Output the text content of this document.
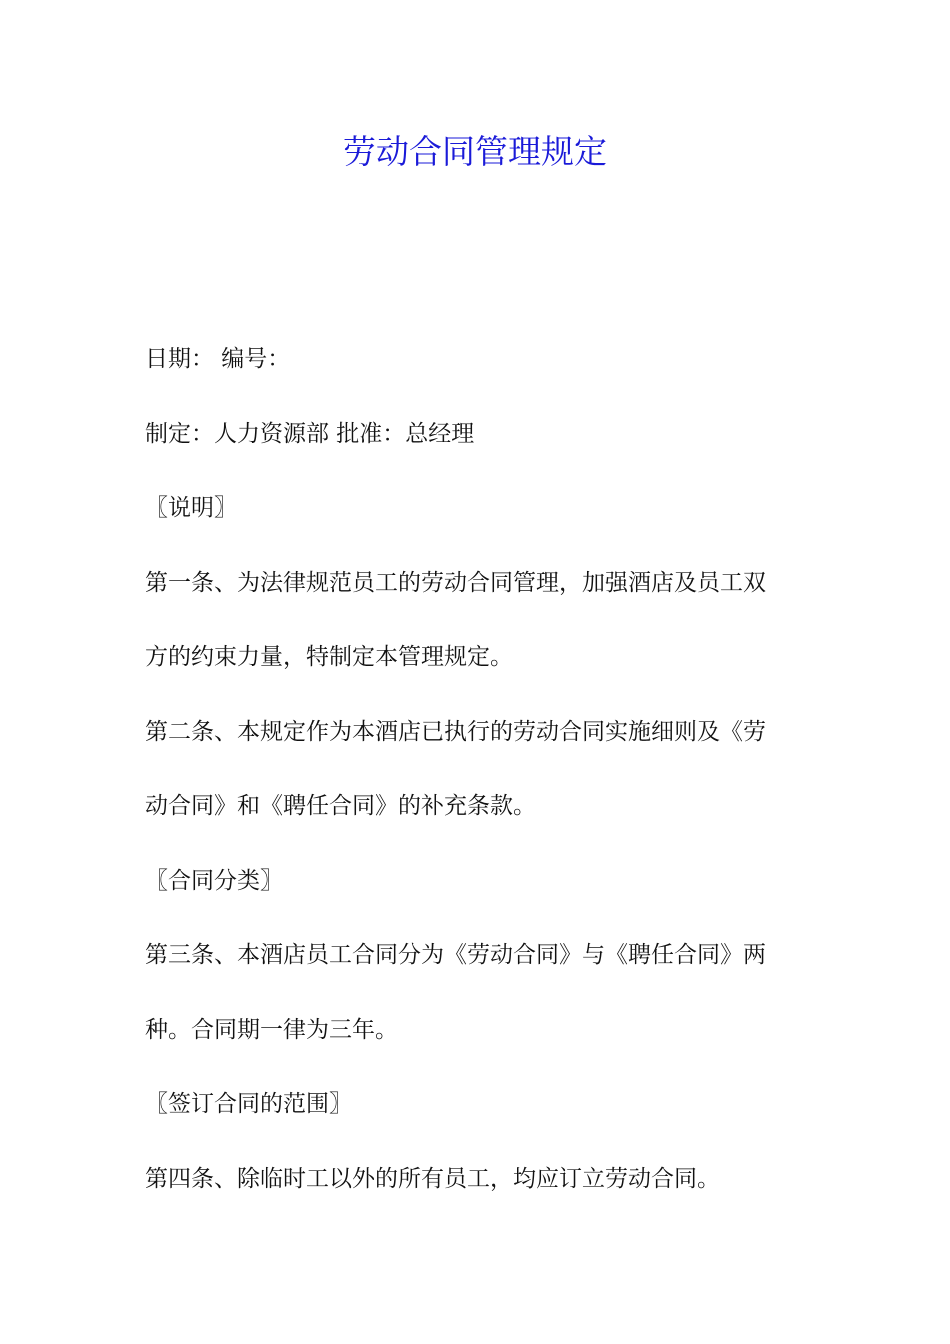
劳动合同管理规定
日期： 编号：
制定：人力资源部 批准：总经理
〖说明〗
第一条、为法律规范员工的劳动合同管理，加强酒店及员工双
方的约束力量，特制定本管理规定。
第二条、本规定作为本酒店已执行的劳动合同实施细则及《劳
动合同》和《聘任合同》的补充条款。
〖合同分类〗
第三条、本酒店员工合同分为《劳动合同》与《聘任合同》两
种。合同期一律为三年。
〖签订合同的范围〗
第四条、除临时工以外的所有员工，均应订立劳动合同。
